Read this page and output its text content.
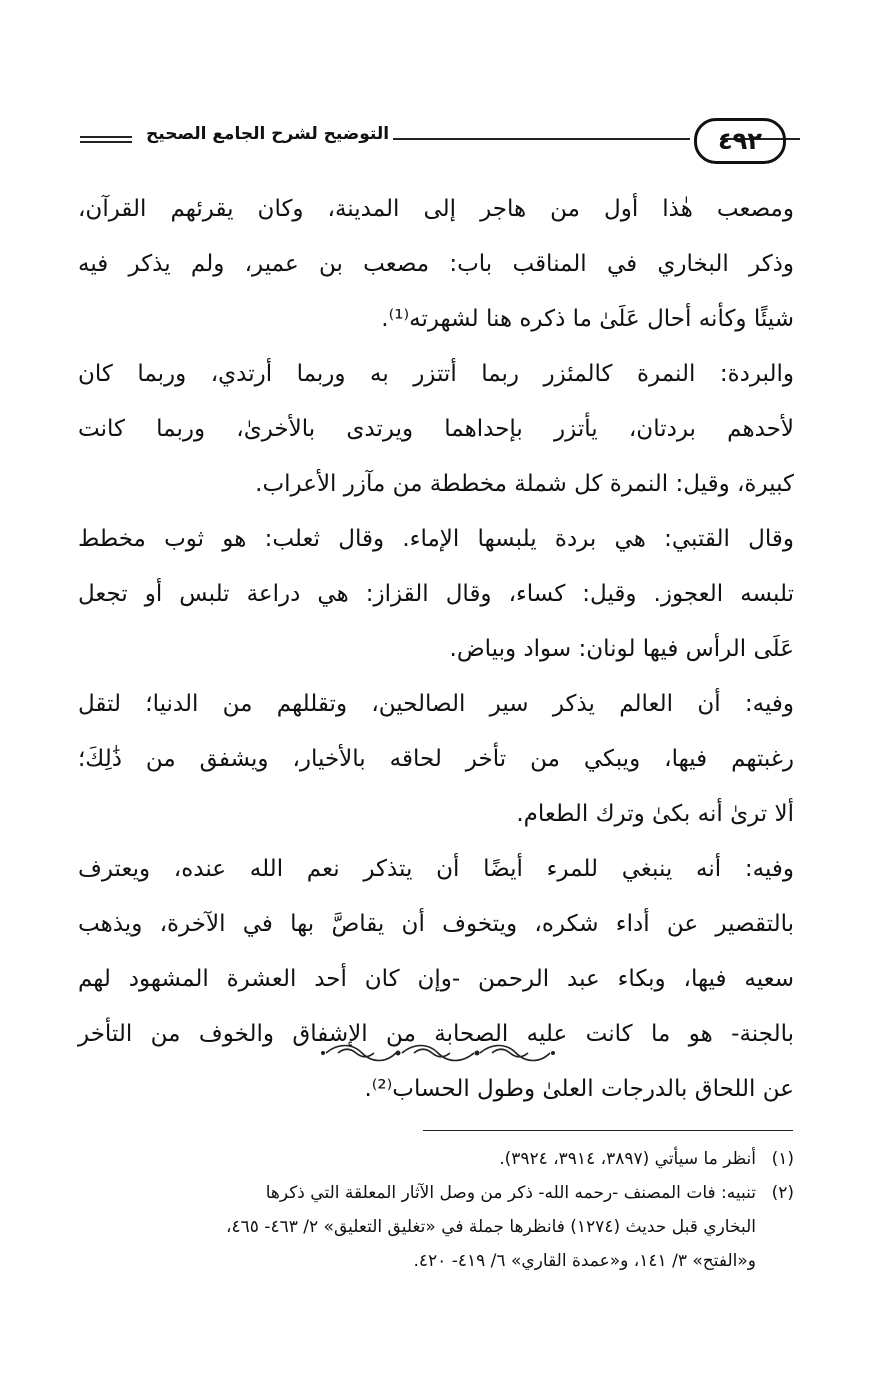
٤٩٢
التوضيح لشرح الجامع الصحيح

ومصعب هٰذا أول من هاجر إلى المدينة، وكان يقرئهم القرآن،
وذكر البخاري في المناقب باب: مصعب بن عمير، ولم يذكر فيه
شيئًا وكأنه أحال عَلَىٰ ما ذكره هنا لشهرته⁽¹⁾.

والبردة: النمرة كالمئزر ربما أتتزر به وربما أرتدي، وربما كان
لأحدهم بردتان، يأتزر بإحداهما ويرتدى بالأخرىٰ، وربما كانت
كبيرة، وقيل: النمرة كل شملة مخططة من مآزر الأعراب.

وقال القتبي: هي بردة يلبسها الإماء. وقال ثعلب: هو ثوب مخطط
تلبسه العجوز. وقيل: كساء، وقال القزاز: هي دراعة تلبس أو تجعل
عَلَى الرأس فيها لونان: سواد وبياض.

وفيه: أن العالم يذكر سير الصالحين، وتقللهم من الدنيا؛ لتقل
رغبتهم فيها، ويبكي من تأخر لحاقه بالأخيار، ويشفق من ذَٰلِكَ؛
ألا ترىٰ أنه بكىٰ وترك الطعام.

وفيه: أنه ينبغي للمرء أيضًا أن يتذكر نعم الله عنده، ويعترف
بالتقصير عن أداء شكره، ويتخوف أن يقاصَّ بها في الآخرة، ويذهب
سعيه فيها، وبكاء عبد الرحمن -وإن كان أحد العشرة المشهود لهم
بالجنة- هو ما كانت عليه الصحابة من الإشفاق والخوف من التأخر
عن اللحاق بالدرجات العلىٰ وطول الحساب⁽²⁾.

(١)أنظر ما سيأتي (٣٨٩٧، ٣٩١٤، ٣٩٢٤).

(٢)تنبيه: فات المصنف -رحمه الله- ذكر من وصل الآثار المعلقة التي ذكرها
البخاري قبل حديث (١٢٧٤) فانظرها جملة في «تغليق التعليق» ٢/ ٤٦٣- ٤٦٥،
و«الفتح» ٣/ ١٤١، و«عمدة القاري» ٦/ ٤١٩- ٤٢٠.
